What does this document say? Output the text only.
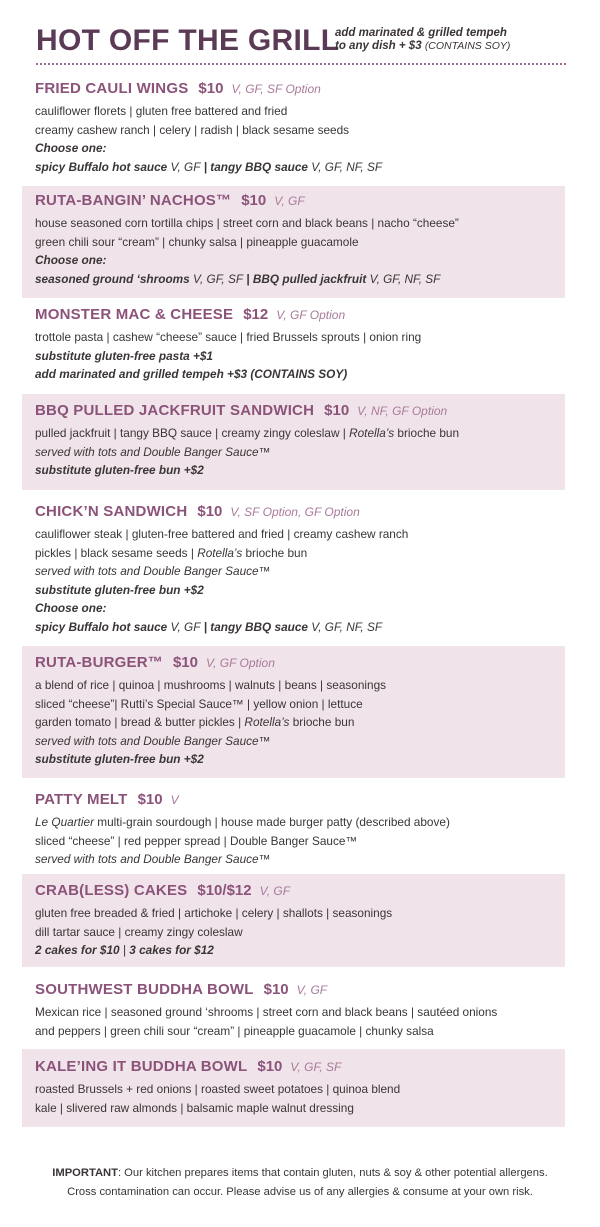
HOT OFF THE GRILL
add marinated & grilled tempeh
to any dish + $3 (CONTAINS SOY)
FRIED CAULI WINGS $10 V, GF, SF Option
cauliflower florets | gluten free battered and fried
creamy cashew ranch | celery | radish | black sesame seeds
Choose one:
spicy Buffalo hot sauce V, GF | tangy BBQ sauce V, GF, NF, SF
RUTA-BANGIN’ NACHOS™ $10 V, GF
house seasoned corn tortilla chips | street corn and black beans | nacho “cheese”
green chili sour “cream” | chunky salsa | pineapple guacamole
Choose one:
seasoned ground ‘shrooms V, GF, SF | BBQ pulled jackfruit V, GF, NF, SF
MONSTER MAC & CHEESE $12 V, GF Option
trottole pasta | cashew “cheese” sauce | fried Brussels sprouts | onion ring
substitute gluten-free pasta +$1
add marinated and grilled tempeh +$3 (CONTAINS SOY)
BBQ PULLED JACKFRUIT SANDWICH $10 V, NF, GF Option
pulled jackfruit | tangy BBQ sauce | creamy zingy coleslaw | Rotella’s brioche bun
served with tots and Double Banger Sauce™
substitute gluten-free bun +$2
CHICK’N SANDWICH $10 V, SF Option, GF Option
cauliflower steak | gluten-free battered and fried | creamy cashew ranch
pickles | black sesame seeds | Rotella’s brioche bun
served with tots and Double Banger Sauce™
substitute gluten-free bun +$2
Choose one:
spicy Buffalo hot sauce V, GF | tangy BBQ sauce V, GF, NF, SF
RUTA-BURGER™ $10 V, GF Option
a blend of rice | quinoa | mushrooms | walnuts | beans | seasonings
sliced “cheese”| Rutti’s Special Sauce™ | yellow onion | lettuce
garden tomato | bread & butter pickles | Rotella’s brioche bun
served with tots and Double Banger Sauce™
substitute gluten-free bun +$2
PATTY MELT $10 V
Le Quartier multi-grain sourdough | house made burger patty (described above)
sliced “cheese” | red pepper spread | Double Banger Sauce™
served with tots and Double Banger Sauce™
CRAB(LESS) CAKES $10/$12 V, GF
gluten free breaded & fried | artichoke | celery | shallots | seasonings
dill tartar sauce | creamy zingy coleslaw
2 cakes for $10 | 3 cakes for $12
SOUTHWEST BUDDHA BOWL $10 V, GF
Mexican rice | seasoned ground ‘shrooms | street corn and black beans | sautéed onions
and peppers | green chili sour “cream” | pineapple guacamole | chunky salsa
KALE’ING IT BUDDHA BOWL $10 V, GF, SF
roasted Brussels + red onions | roasted sweet potatoes | quinoa blend
kale | slivered raw almonds | balsamic maple walnut dressing
IMPORTANT: Our kitchen prepares items that contain gluten, nuts & soy & other potential allergens.
Cross contamination can occur. Please advise us of any allergies & consume at your own risk.
